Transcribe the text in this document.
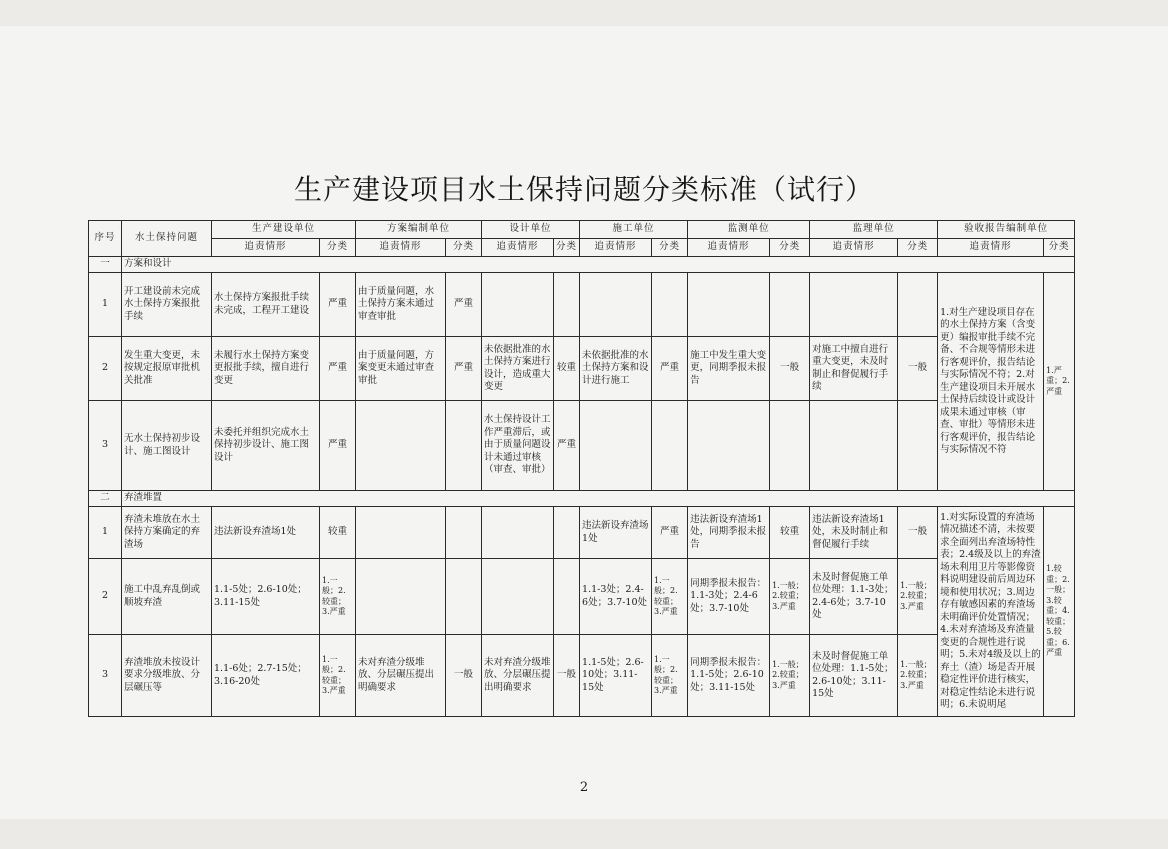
生产建设项目水土保持问题分类标准（试行）
序号	水土保持问题	生产建设单位		方案编制单位		设计单位		施工单位		监测单位		监理单位		验收报告编制单位	
		追责情形	分类	追责情形	分类	追责情形	分类	追责情形	分类	追责情形	分类	追责情形	分类	追责情形	分类
一	方案和设计														
1	开工建设前未完成水土保持方案报批手续	水土保持方案报批手续未完成，工程开工建设	严重	由于质量问题，水土保持方案未通过审查审批	严重									1.对生产建设项目存在的水土保持方案（含变更）编报审批手续不完备、不合规等情形未进行客观评价，报告结论与实际情况不符；2.对生产建设项目未开展水土保持后续设计或设计成果未通过审核（审查、审批）等情形未进行客观评价，报告结论与实际情况不符	1.严重；2.严重
2	发生重大变更，未按规定报原审批机关批准	未履行水土保持方案变更报批手续，擅自进行变更	严重	由于质量问题，方案变更未通过审查审批	严重	未依据批准的水土保持方案进行设计，造成重大变更	较重	未依据批准的水土保持方案和设计进行施工	严重	施工中发生重大变更，同期季报未报告	一般	对施工中擅自进行重大变更，未及时制止和督促履行手续	一般		
3	无水土保持初步设计、施工图设计	未委托并组织完成水土保持初步设计、施工图设计	严重			水土保持设计工作严重滞后，或由于质量问题设计未通过审核（审查、审批）	严重								
二	弃渣堆置														
1	弃渣未堆放在水土保持方案确定的弃渣场	违法新设弃渣场1处	较重					违法新设弃渣场1处	严重	违法新设弃渣场1处，同期季报未报告	较重	违法新设弃渣场1处，未及时制止和督促履行手续	一般	1.对实际设置的弃渣场情况描述不清，未按要求全面列出弃渣场特性表；2.4级及以上的弃渣场未利用卫片等影像资料说明建设前后周边环境和使用状况；3.周边存有敏感因素的弃渣场未明确评价处置情况；4.未对弃渣场及弃渣量变更的合规性进行说明；5.未对4级及以上的弃土（渣）场是否开展稳定性评价进行核实，对稳定性结论未进行说明；6.未说明尾	1.较重；2.一般；3.较重；4.较重；5.较重；6.严重
2	施工中乱弃乱倒或顺坡弃渣	1.1-5处；2.6-10处；3.11-15处	1.一般；2.较重；3.严重					1.1-3处；2.4-6处；3.7-10处	1.一般；2.较重；3.严重	同期季报未报告：1.1-3处；2.4-6处；3.7-10处	1.一般；2.较重；3.严重	未及时督促施工单位处理：1.1-3处；2.4-6处；3.7-10处	1.一般；2.较重；3.严重		
3	弃渣堆放未按设计要求分级堆放、分层碾压等	1.1-6处；2.7-15处；3.16-20处	1.一般；2.较重；3.严重	未对弃渣分级堆放、分层碾压提出明确要求	一般	未对弃渣分级堆放、分层碾压提出明确要求	一般	1.1-5处；2.6-10处；3.11-15处	1.一般；2.较重；3.严重	同期季报未报告：1.1-5处；2.6-10处；3.11-15处	1.一般；2.较重；3.严重	未及时督促施工单位处理：1.1-5处；2.6-10处；3.11-15处	1.一般；2.较重；3.严重		
2
